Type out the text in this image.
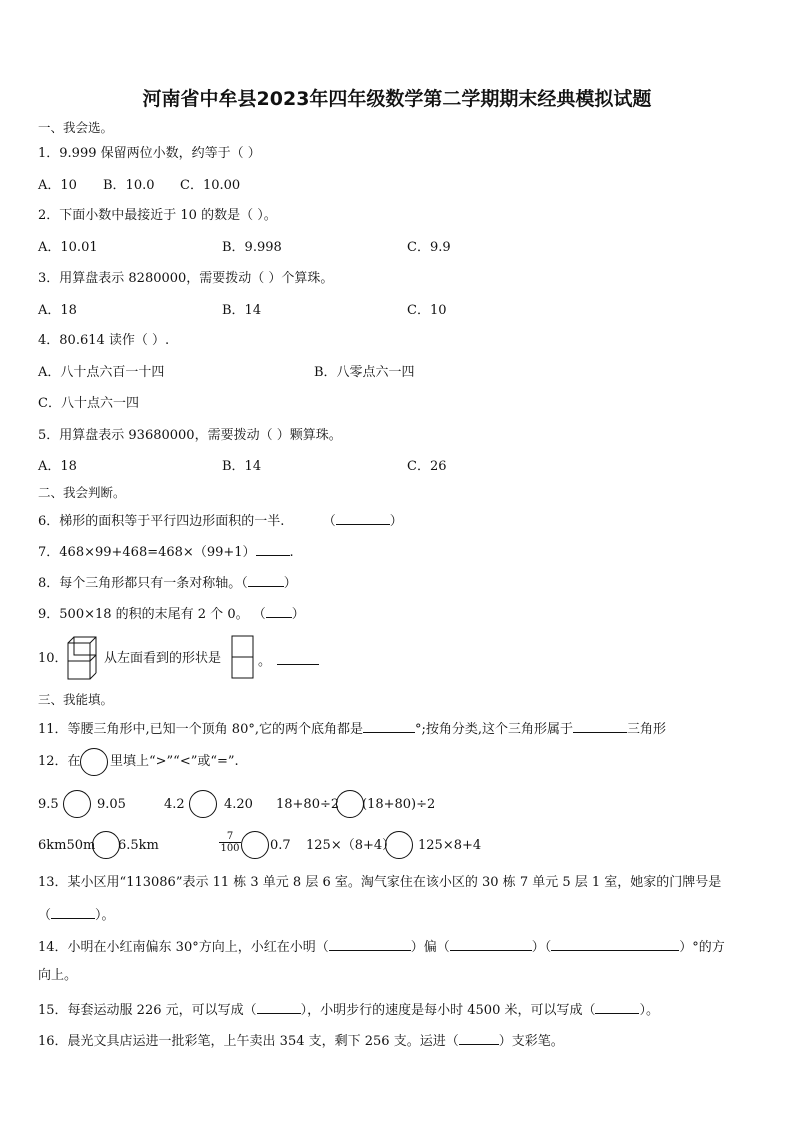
河南省中牟县2023年四年级数学第二学期期末经典模拟试题
一、我会选。
1．9.999 保留两位小数，约等于（ ）
A．10 B．10.0 C．10.00
2．下面小数中最接近于 10 的数是（ ）。
A．10.01	B．9.998	C．9.9
3．用算盘表示 8280000，需要拨动（ ）个算珠。
A．18	B．14	C．10
4．80.614 读作（ ）.
A．八十点六百一十四	B．八零点六一四
C．八十点六一四
5．用算盘表示 93680000，需要拨动（ ）颗算珠。
A．18	B．14	C．26
二、我会判断。
6．梯形的面积等于平行四边形面积的一半.	（	）
7．468×99+468=468×（99+1）	.
8．每个三角形都只有一条对称轴。（	）
9．500×18 的积的末尾有 2 个 0。 （ ）
10．	从左面看到的形状是	。
三、我能填。
11．等腰三角形中,已知一个顶角 80°,它的两个底角都是	°;按角分类,这个三角形属于	三角形
12．在 里填上“>”“<”或“=”.
9.5	9.05	4.2	4.20 18+80÷2 (18+80)÷2
6km50m 6.5km	$\frac{7}{100} 0.7$ 125×（8+4） 125×8+4
13．某小区用“113086”表示 11 栋 3 单元 8 层 6 室。淘气家住在该小区的 30 栋 7 单元 5 层 1 室，她家的门牌号是
（	）。
14．小明在小红南偏东 30°方向上，小红在小明（	）偏（	）（	）°的方
向上。
15．每套运动服 226 元，可以写成（	），小明步行的速度是每小时 4500 米，可以写成（	）。
16．晨光文具店运进一批彩笔，上午卖出 354 支，剩下 256 支。运进（	）支彩笔。
